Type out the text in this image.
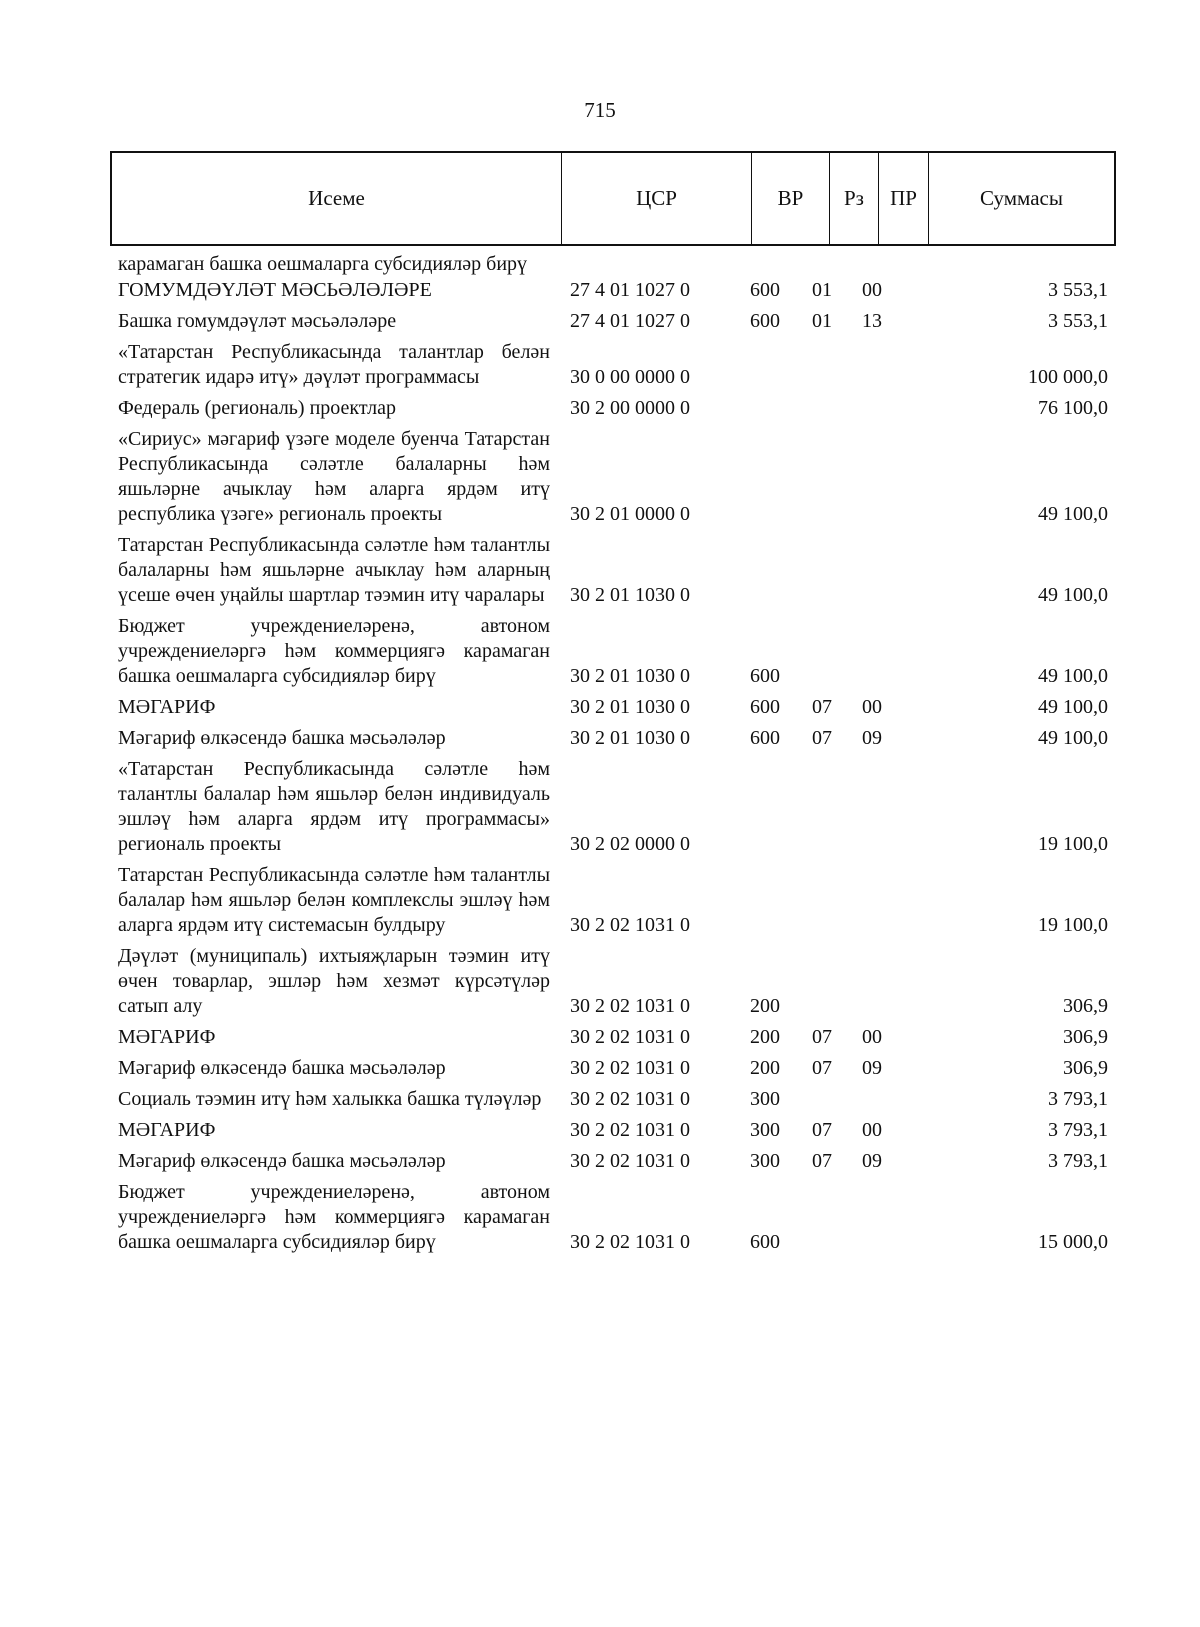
715
Исеме	ЦСР	ВР	Рз	ПР	Суммасы
карамаган башка оешмаларга субсидияләр бирү
ГОМУМДӘҮЛӘТ МӘСЬӘЛӘЛӘРЕ	27 4 01 1027 0	600	01	00	3 553,1
Башка гомумдәүләт мәсьәләләре	27 4 01 1027 0	600	01	13	3 553,1
«Татарстан Республикасында талантлар белән стратегик идарә итү» дәүләт программасы	30 0 00 0000 0	100 000,0
Федераль (региональ) проектлар	30 2 00 0000 0	76 100,0
«Сириус» мәгариф үзәге моделе буенча Татарстан Республикасында сәләтле балаларны һәм яшьләрне ачыклау һәм аларга ярдәм итү республика үзәге» региональ проекты	30 2 01 0000 0	49 100,0
Татарстан Республикасында сәләтле һәм талантлы балаларны һәм яшьләрне ачыклау һәм аларның үсеше өчен уңайлы шартлар тәэмин итү чаралары	30 2 01 1030 0	49 100,0
Бюджет учреждениеләренә, автоном учреждениеләргә һәм коммерциягә карамаган башка оешмаларга субсидияләр бирү	30 2 01 1030 0	600	49 100,0
МӘГАРИФ	30 2 01 1030 0	600	07	00	49 100,0
Мәгариф өлкәсендә башка мәсьәләләр	30 2 01 1030 0	600	07	09	49 100,0
«Татарстан Республикасында сәләтле һәм талантлы балалар һәм яшьләр белән индивидуаль эшләү һәм аларга ярдәм итү программасы» региональ проекты	30 2 02 0000 0	19 100,0
Татарстан Республикасында сәләтле һәм талантлы балалар һәм яшьләр белән комплекслы эшләү һәм аларга ярдәм итү системасын булдыру	30 2 02 1031 0	19 100,0
Дәүләт (муниципаль) ихтыяҗларын тәэмин итү өчен товарлар, эшләр һәм хезмәт күрсәтүләр сатып алу	30 2 02 1031 0	200	306,9
МӘГАРИФ	30 2 02 1031 0	200	07	00	306,9
Мәгариф өлкәсендә башка мәсьәләләр	30 2 02 1031 0	200	07	09	306,9
Социаль тәэмин итү һәм халыкка башка түләүләр	30 2 02 1031 0	300	3 793,1
МӘГАРИФ	30 2 02 1031 0	300	07	00	3 793,1
Мәгариф өлкәсендә башка мәсьәләләр	30 2 02 1031 0	300	07	09	3 793,1
Бюджет учреждениеләренә, автоном учреждениеләргә һәм коммерциягә карамаган башка оешмаларга субсидияләр бирү	30 2 02 1031 0	600	15 000,0
